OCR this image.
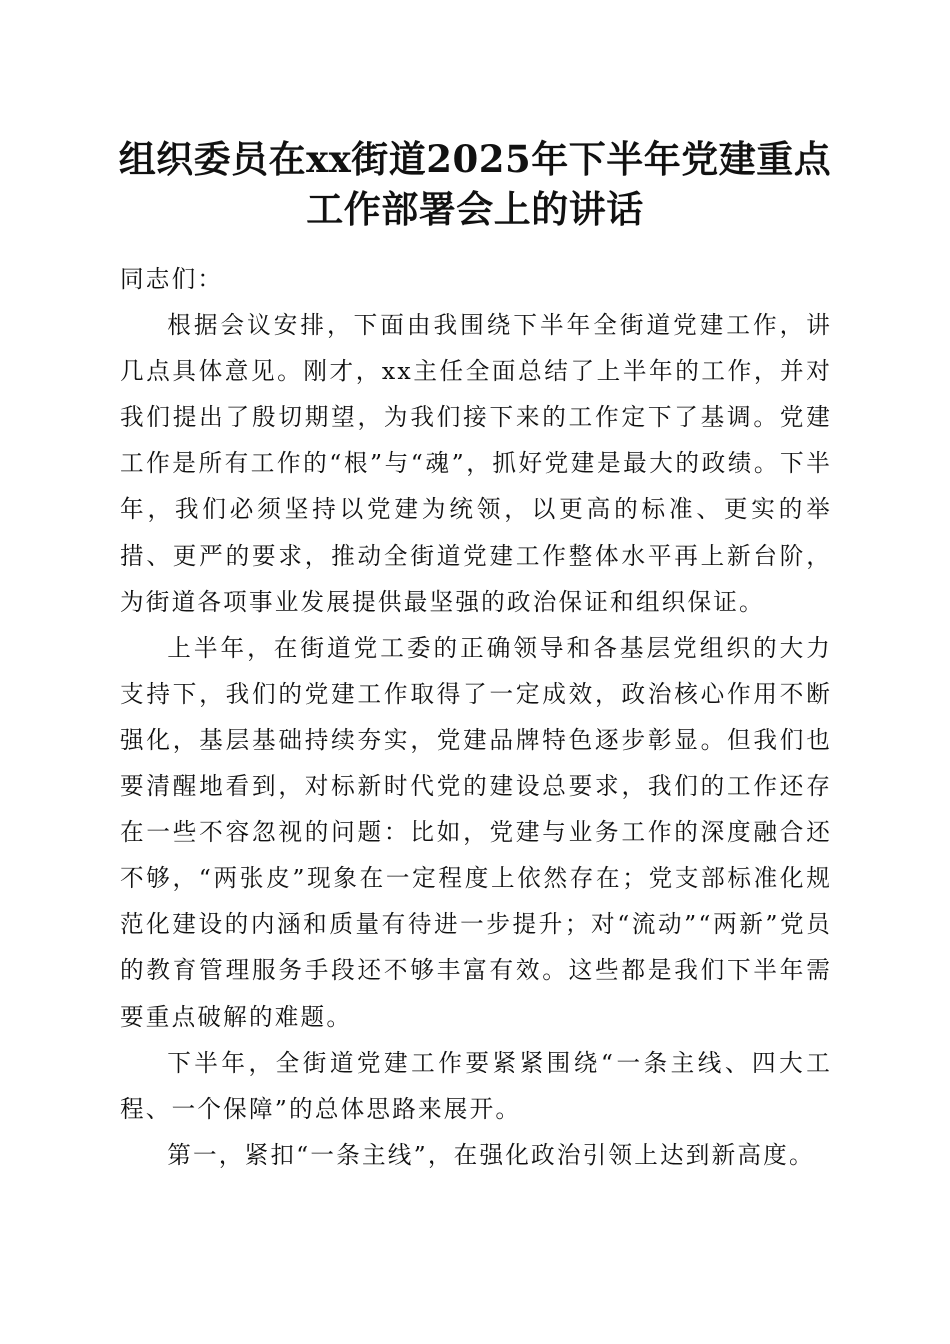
组织委员在xx街道2025年下半年党建重点工作部署会上的讲话

同志们：

根据会议安排，下面由我围绕下半年全街道党建工作，讲几点具体意见。刚才，xx主任全面总结了上半年的工作，并对我们提出了殷切期望，为我们接下来的工作定下了基调。党建工作是所有工作的“根”与“魂”，抓好党建是最大的政绩。下半年，我们必须坚持以党建为统领，以更高的标准、更实的举措、更严的要求，推动全街道党建工作整体水平再上新台阶，为街道各项事业发展提供最坚强的政治保证和组织保证。

上半年，在街道党工委的正确领导和各基层党组织的大力支持下，我们的党建工作取得了一定成效，政治核心作用不断强化，基层基础持续夯实，党建品牌特色逐步彰显。但我们也要清醒地看到，对标新时代党的建设总要求，我们的工作还存在一些不容忽视的问题：比如，党建与业务工作的深度融合还不够，“两张皮”现象在一定程度上依然存在；党支部标准化规范化建设的内涵和质量有待进一步提升；对“流动”“两新”党员的教育管理服务手段还不够丰富有效。这些都是我们下半年需要重点破解的难题。

下半年，全街道党建工作要紧紧围绕“一条主线、四大工程、一个保障”的总体思路来展开。

第一，紧扣“一条主线”，在强化政治引领上达到新高度。
